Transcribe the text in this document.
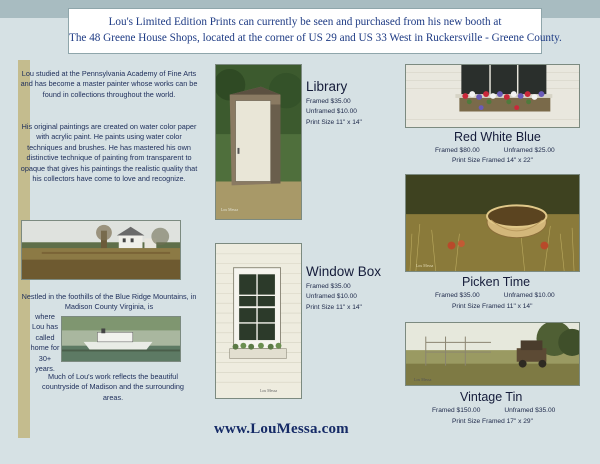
Lou's Limited Edition Prints can currently be seen and purchased from his new booth at
The 48 Greene House Shops, located at the corner of US 29 and US 33 West in Ruckersville - Greene County.
Lou studied at the Pennsylvania Academy of Fine Arts and has become a master painter whose works can be found in collections throughout the world.
His original paintings are created on water color paper with acrylic paint. He paints using water color techniques and brushes. He has mastered his own distinctive technique of painting from transparent to opaque that gives his paintings the realistic quality that his collectors have come to love and recognize.
Nestled in the foothills of the Blue Ridge Mountains, in Madison County Virginia, is
where Lou has called home for 30+ years.
Much of Lou's work reflects the beautiful countryside of Madison and the surrounding areas.
Lou Messa
Library
Framed $35.00
Unframed $10.00
Print Size 11" x 14"
Lou Messa
Window Box
Framed $35.00
Unframed $10.00
Print Size 11" x 14"
Red White Blue
Framed $80.00	Unframed $25.00
Print Size Framed 14" x 22"
Lou Messa
Picken Time
Framed $35.00	Unframed $10.00
Print Size Framed 11" x 14"
Lou Messa
Vintage Tin
Framed $150.00	Unframed $35.00
Print Size Framed 17" x 29"
www.LouMessa.com
